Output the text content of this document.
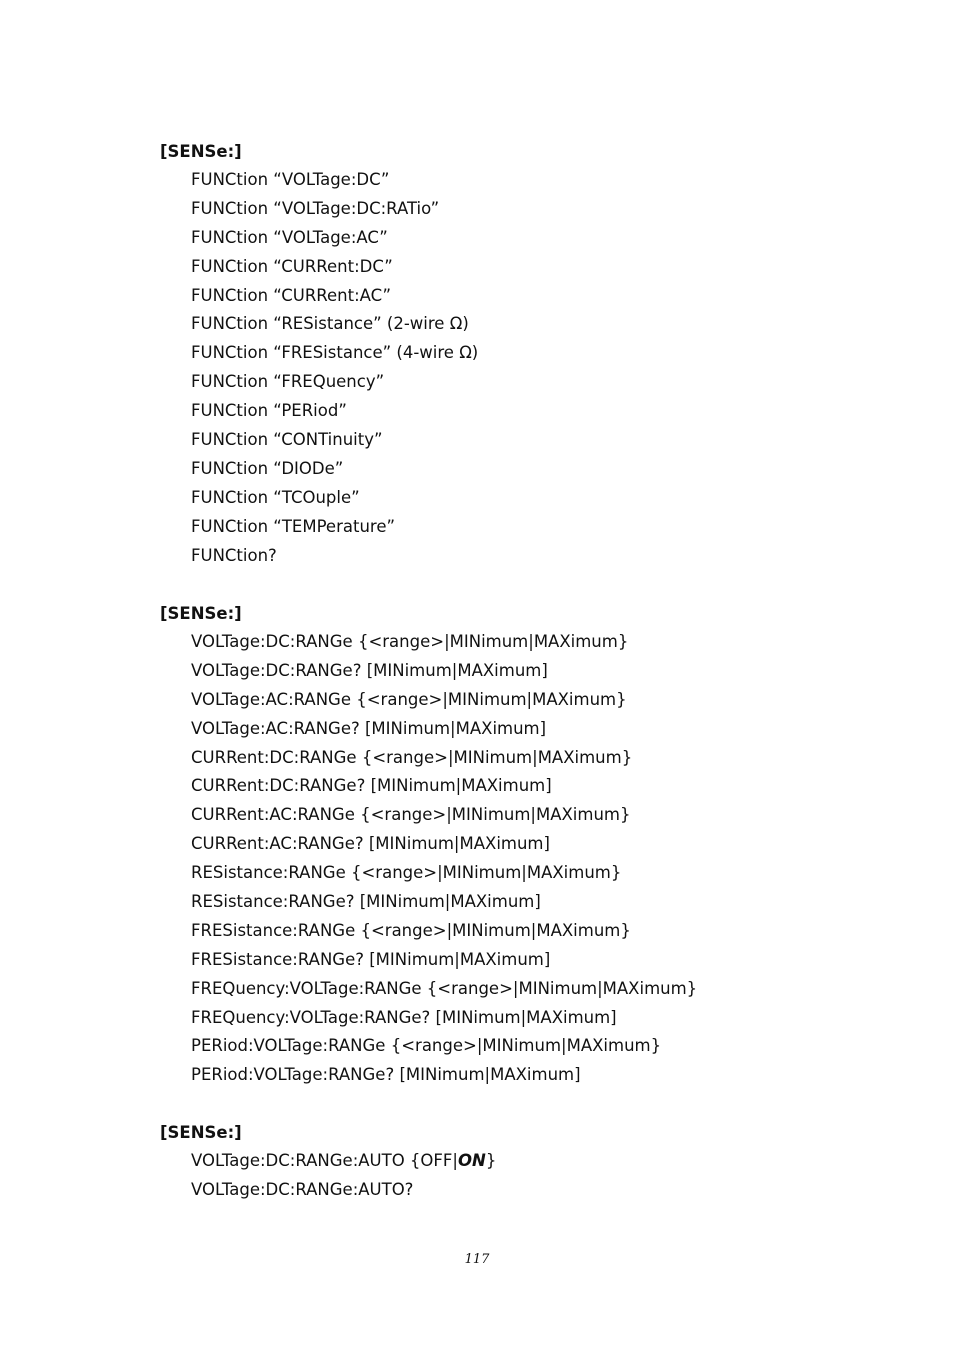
[SENSe:]
FUNCtion “VOLTage:DC”
FUNCtion “VOLTage:DC:RATio”
FUNCtion “VOLTage:AC”
FUNCtion “CURRent:DC”
FUNCtion “CURRent:AC”
FUNCtion “RESistance” (2-wire Ω)
FUNCtion “FRESistance” (4-wire Ω)
FUNCtion “FREQuency”
FUNCtion “PERiod”
FUNCtion “CONTinuity”
FUNCtion “DIODe”
FUNCtion “TCOuple”
FUNCtion “TEMPerature”
FUNCtion?
[SENSe:]
VOLTage:DC:RANGe {<range>|MINimum|MAXimum}
VOLTage:DC:RANGe? [MINimum|MAXimum]
VOLTage:AC:RANGe {<range>|MINimum|MAXimum}
VOLTage:AC:RANGe? [MINimum|MAXimum]
CURRent:DC:RANGe {<range>|MINimum|MAXimum}
CURRent:DC:RANGe? [MINimum|MAXimum]
CURRent:AC:RANGe {<range>|MINimum|MAXimum}
CURRent:AC:RANGe? [MINimum|MAXimum]
RESistance:RANGe {<range>|MINimum|MAXimum}
RESistance:RANGe? [MINimum|MAXimum]
FRESistance:RANGe {<range>|MINimum|MAXimum}
FRESistance:RANGe? [MINimum|MAXimum]
FREQuency:VOLTage:RANGe {<range>|MINimum|MAXimum}
FREQuency:VOLTage:RANGe? [MINimum|MAXimum]
PERiod:VOLTage:RANGe {<range>|MINimum|MAXimum}
PERiod:VOLTage:RANGe? [MINimum|MAXimum]
[SENSe:]
VOLTage:DC:RANGe:AUTO {OFF|ON}
VOLTage:DC:RANGe:AUTO?
117
